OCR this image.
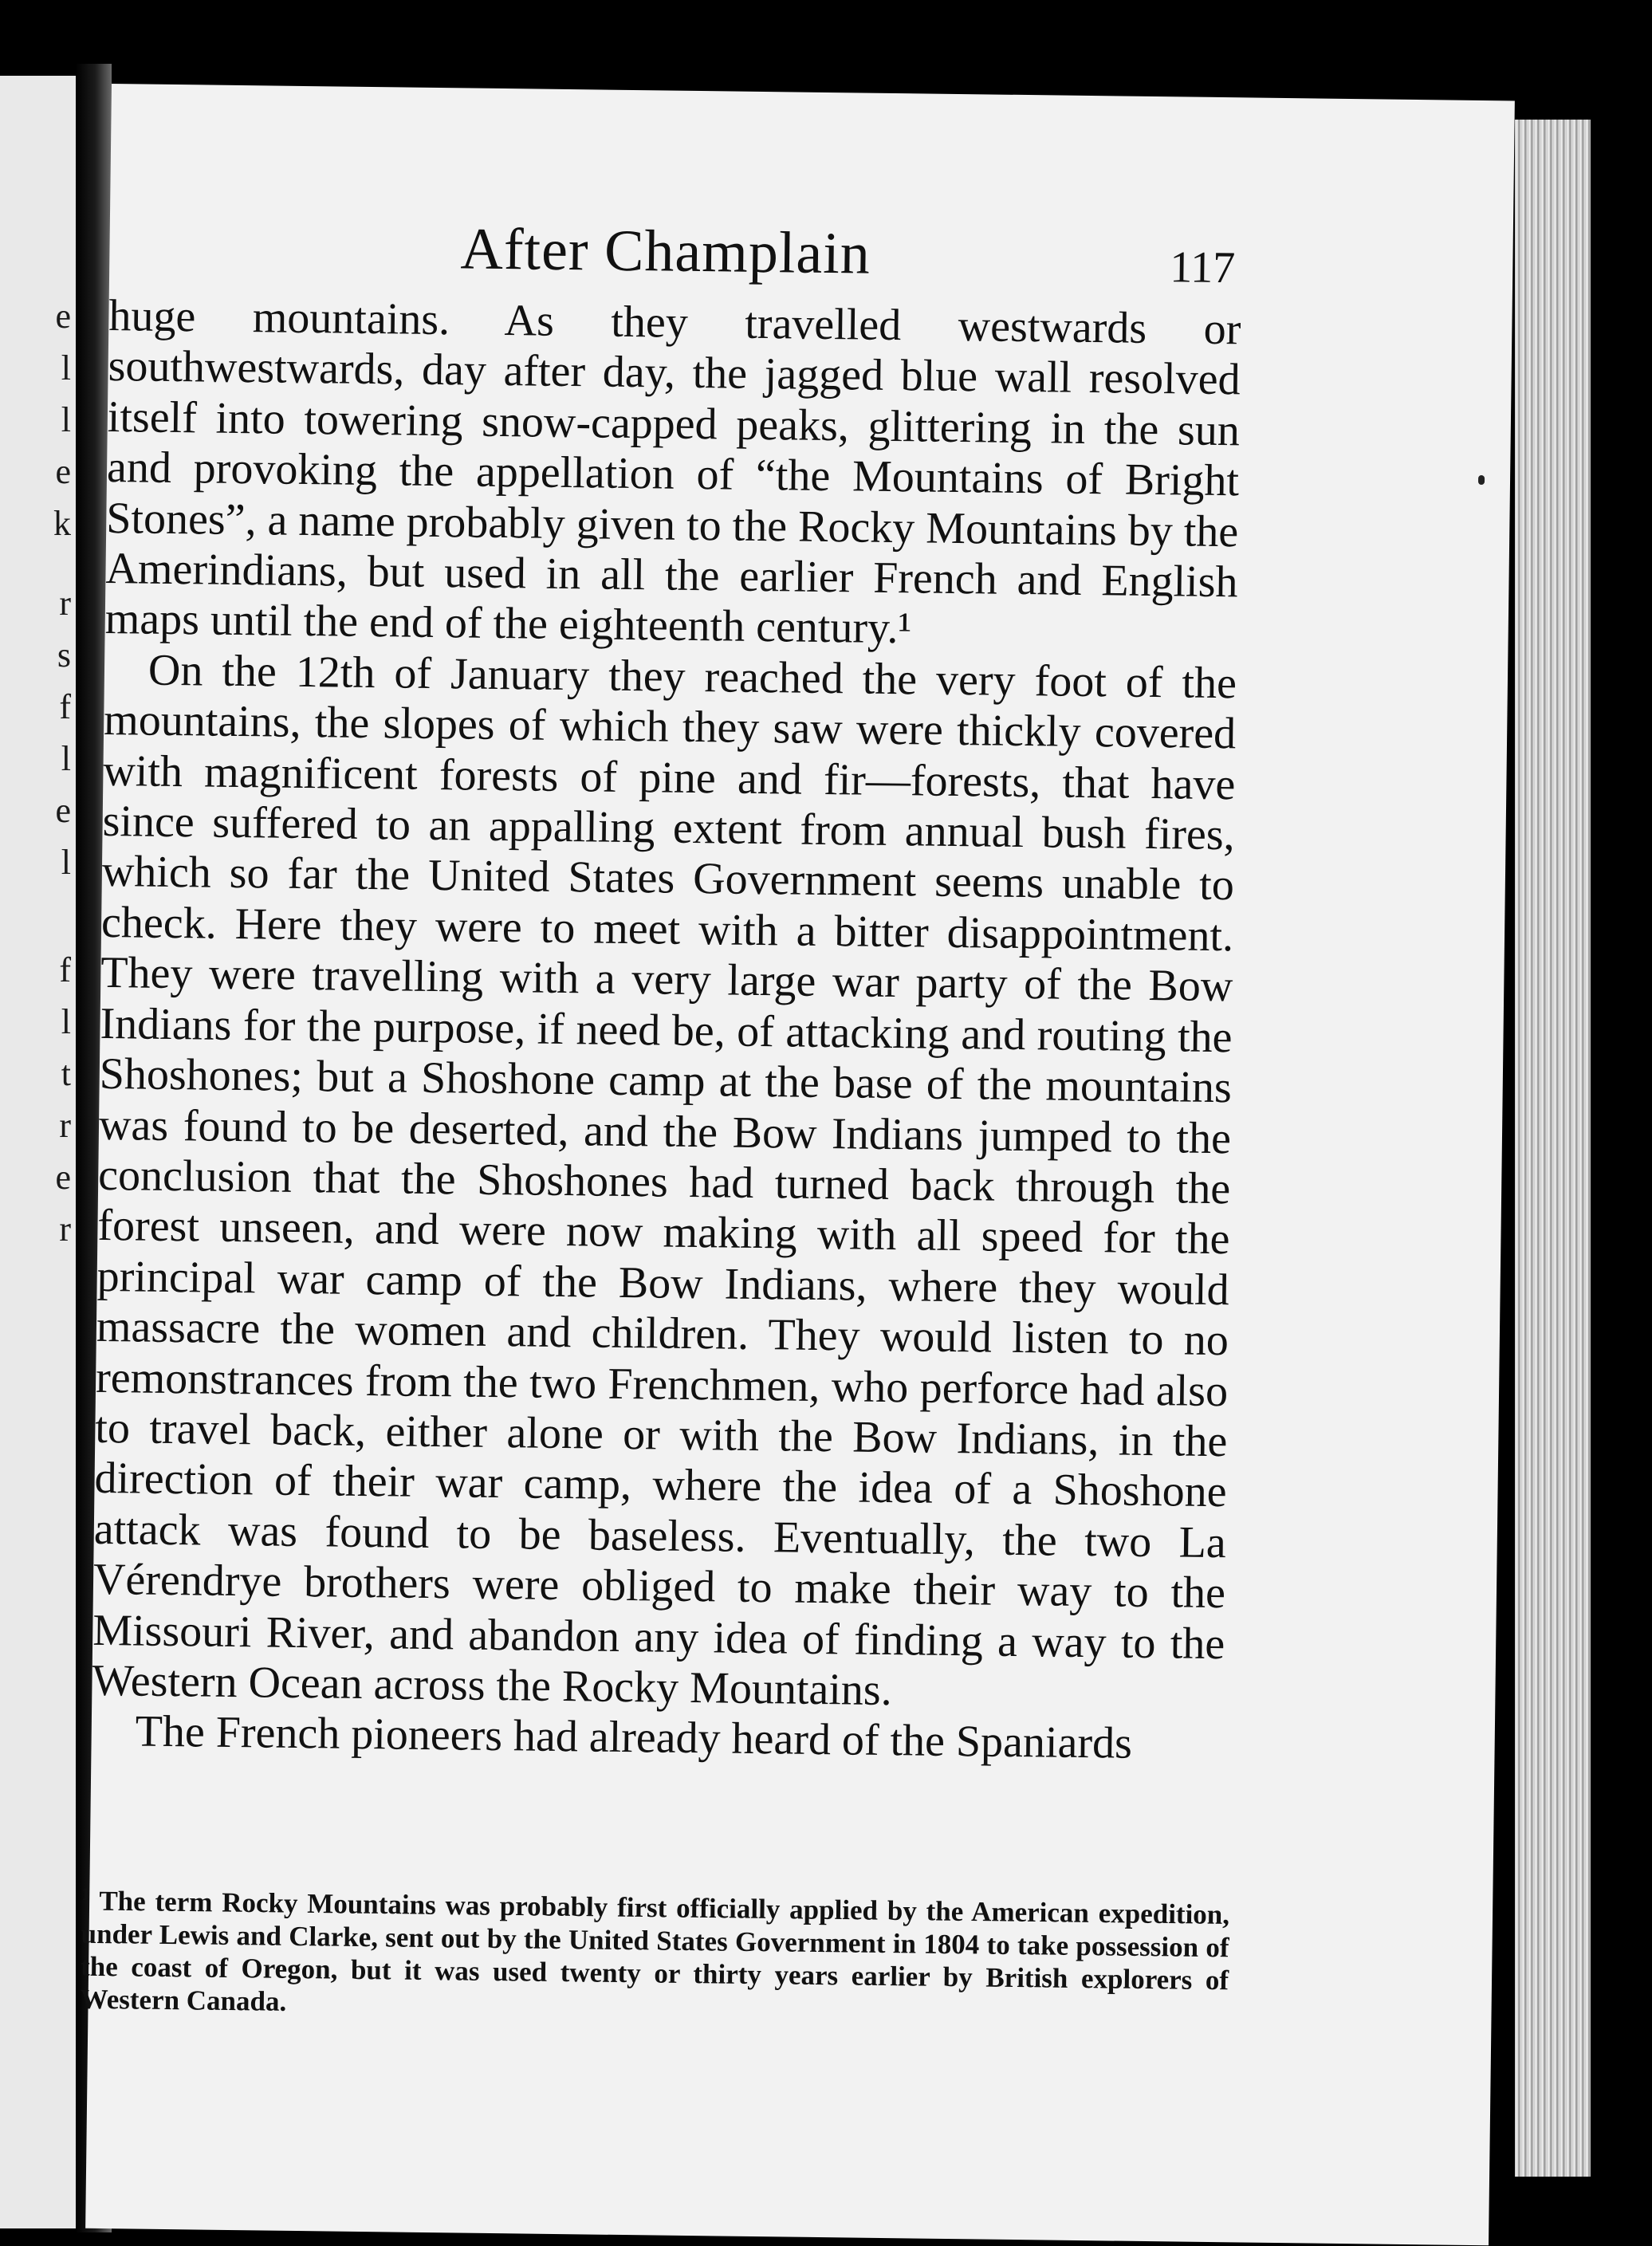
e
l
l
e
k
r
s
f
l
e
l
f
l
t
r
e
r
After Champlain	117

huge mountains. As they travelled westwards or southwestwards, day after day, the jagged blue wall resolved itself into towering snow-capped peaks, glittering in the sun and provoking the appellation of “the Mountains of Bright Stones”, a name probably given to the Rocky Mountains by the Amerindians, but used in all the earlier French and English maps until the end of the eighteenth century.¹

On the 12th of January they reached the very foot of the mountains, the slopes of which they saw were thickly covered with magnificent forests of pine and fir—forests, that have since suffered to an appalling extent from annual bush fires, which so far the United States Government seems unable to check. Here they were to meet with a bitter disappointment. They were travelling with a very large war party of the Bow Indians for the purpose, if need be, of attacking and routing the Shoshones; but a Shoshone camp at the base of the mountains was found to be deserted, and the Bow Indians jumped to the conclusion that the Shoshones had turned back through the forest unseen, and were now making with all speed for the principal war camp of the Bow Indians, where they would massacre the women and children. They would listen to no remonstrances from the two Frenchmen, who perforce had also to travel back, either alone or with the Bow Indians, in the direction of their war camp, where the idea of a Shoshone attack was found to be baseless. Eventually, the two La Vérendrye brothers were obliged to make their way to the Missouri River, and abandon any idea of finding a way to the Western Ocean across the Rocky Mountains.

The French pioneers had already heard of the Spaniards

$^1$ The term Rocky Mountains was probably first officially applied by the American expedition, under Lewis and Clarke, sent out by the United States Government in 1804 to take possession of the coast of Oregon, but it was used twenty or thirty years earlier by British explorers of Western Canada.
